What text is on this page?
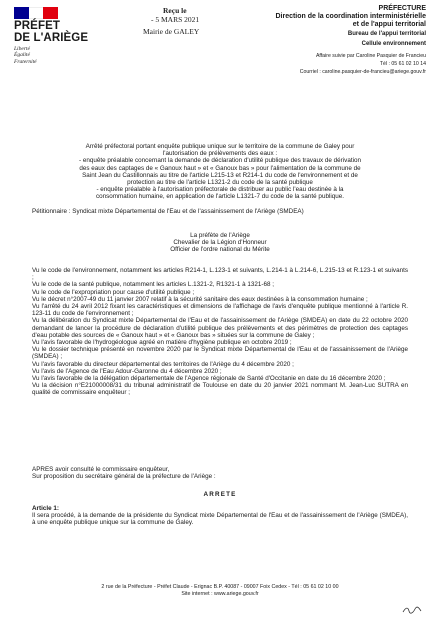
PRÉFET
DE L'ARIÈGE
Liberté
Égalité
Fraternité
Reçu le
- 5 MARS 2021
Mairie de GALEY
PRÉFECTURE
Direction de la coordination interministérielle
et de l'appui territorial
Bureau de l'appui territorial
Cellule environnement
Affaire suivie par Caroline Pasquier de Francieu
Tél : 05 61 02 10 14
Courriel : caroline.pasquier-de-francieu@ariege.gouv.fr
Arrêté préfectoral portant enquête publique unique sur le territoire de la commune de Galey pour
l'autorisation de prélèvements des eaux :
- enquête préalable concernant la demande de déclaration d'utilité publique des travaux de dérivation
des eaux des captages de « Ganoux haut » et « Ganoux bas » pour l'alimentation de la commune de
Saint Jean du Castillonnais au titre de l'article L215-13 et R214-1 du code de l'environnement et de
protection au titre de l'article L1321-2 du code de la santé publique
- enquête préalable à l'autorisation préfectorale de distribuer au public l'eau destinée à la
consommation humaine, en application de l'article L1321-7 du code de la santé publique.
Pétitionnaire : Syndicat mixte Départemental de l'Eau et de l'assainissement de l'Ariège (SMDEA)
La préfète de l'Ariège
Chevalier de la Légion d'Honneur
Officier de l'ordre national du Mérite

Vu le code de l'environnement, notamment les articles R214-1, L.123-1 et suivants, L.214-1 à L.214-6, L.215-13 et R.123-1 et suivants ;

Vu le code de la santé publique, notamment les articles L.1321-2, R1321-1 à 1321-68 ;

Vu le code de l'expropriation pour cause d'utilité publique ;

Vu le décret n°2007-49 du 11 janvier 2007 relatif à la sécurité sanitaire des eaux destinées à la consommation humaine ;

Vu l'arrêté du 24 avril 2012 fixant les caractéristiques et dimensions de l'affichage de l'avis d'enquête publique mentionné à l'article R. 123-11 du code de l'environnement ;

Vu la délibération du Syndicat mixte Départemental de l'Eau et de l'assainissement de l'Ariège (SMDEA) en date du 22 octobre 2020 demandant de lancer la procédure de déclaration d'utilité publique des prélèvements et des périmètres de protection des captages d'eau potable des sources de « Ganoux haut » et « Ganoux bas » situées sur la commune de Galey ;

Vu l'avis favorable de l'hydrogéologue agréé en matière d'hygiène publique en octobre 2019 ;

Vu le dossier technique présenté en novembre 2020 par le Syndicat mixte Départemental de l'Eau et de l'assainissement de l'Ariège (SMDEA) ;

Vu l'avis favorable du directeur départemental des territoires de l'Ariège du 4 décembre 2020 ;

Vu l'avis de l'Agence de l'Eau Adour-Garonne du 4 décembre 2020 ;

Vu l'avis favorable de la délégation départementale de l'Agence régionale de Santé d'Occitanie en date du 16 décembre 2020 ;

Vu la décision n°E21000008/31 du tribunal administratif de Toulouse en date du 20 janvier 2021 nommant M. Jean-Luc SUTRA en qualité de commissaire enquêteur ;

APRES avoir consulté le commissaire enquêteur,
Sur proposition du secrétaire général de la préfecture de l'Ariège :
ARRETE
Article 1:
Il sera procédé, à la demande de la présidente du Syndicat mixte Départemental de l'Eau et de l'assainissement de l'Ariège (SMDEA), à une enquête publique unique sur la commune de Galey.
2 rue de la Préfecture - Préfet Claude - Erignac B.P. 40087 - 09007 Foix Cedex - Tél : 05 61 02 10 00
Site internet : www.ariege.gouv.fr
